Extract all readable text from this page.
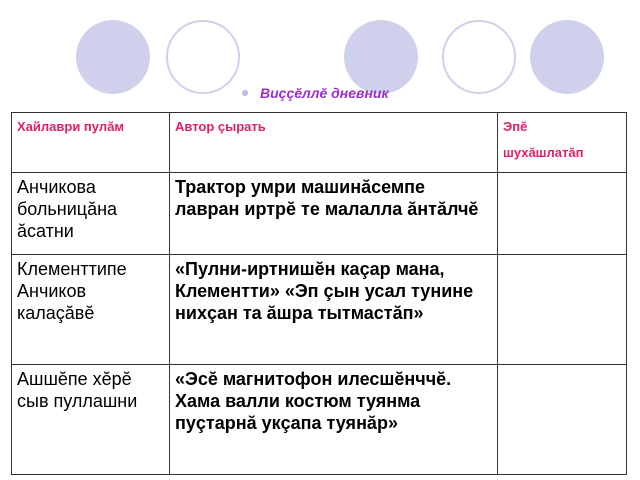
Виççĕллĕ дневник
Хайлаври пулăм	Автор çырать	Эпĕ
шухăшлатăп

Анчикова больницăна ăсатни	Трактор умри машинăсемпе лавран иртрĕ те малалла ăнтăлчĕ	
Клементтипе Анчиков калаçăвĕ	«Пулни-иртнишĕн каçар мана, Клементти» «Эп çын усал тунине нихçан та ăшра тытмастăп»	
Ашшĕпе хĕрĕ сыв пуллашни	«Эсĕ магнитофон илесшĕнччĕ. Хама валли костюм туянма пуçтарнă укçапа туянăр»	
